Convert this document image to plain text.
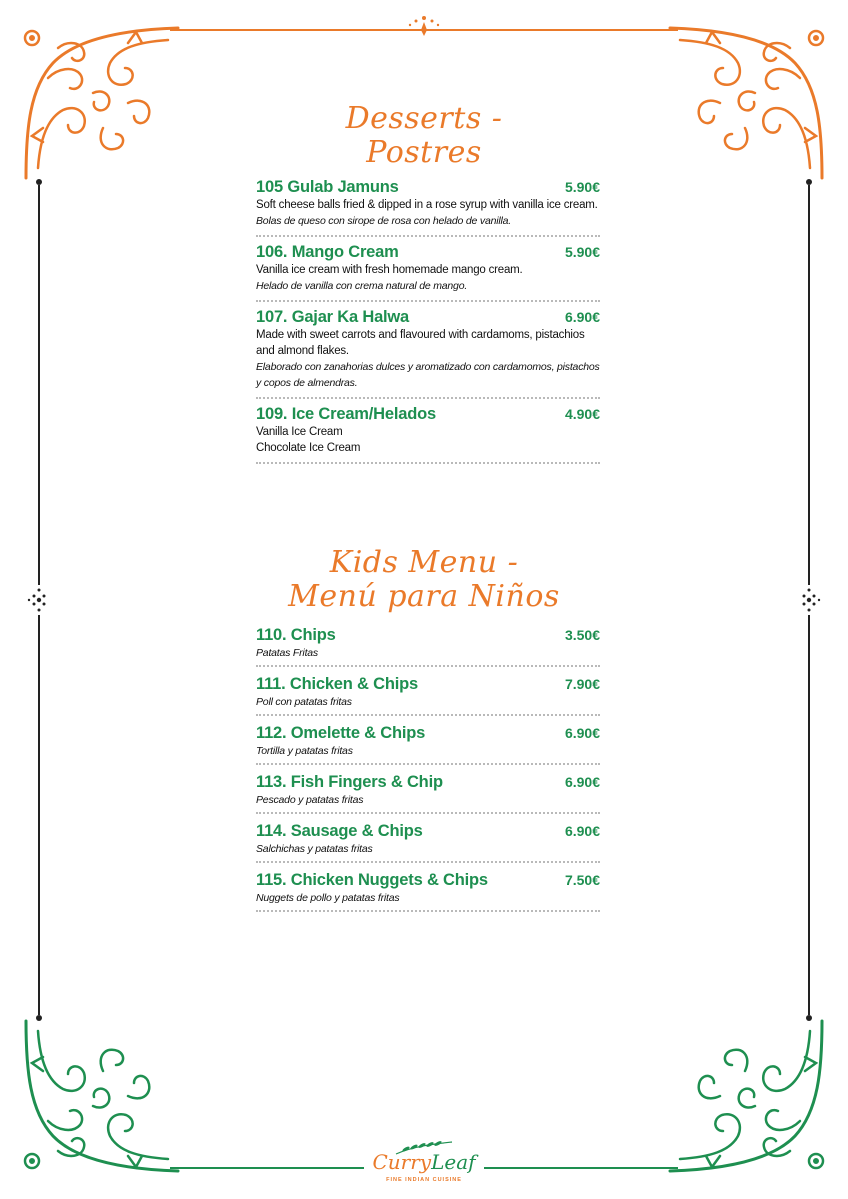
Desserts -
Postres
105 Gulab Jamuns	5.90€
Soft cheese balls fried & dipped in a rose syrup with vanilla ice cream.
Bolas de queso con sirope de rosa con helado de vanilla.
106. Mango Cream	5.90€
Vanilla ice cream with fresh homemade mango cream.
Helado de vanilla con crema natural de mango.
107. Gajar Ka Halwa	6.90€
Made with sweet carrots and flavoured with cardamoms, pistachios and almond flakes.
Elaborado con zanahorias dulces y aromatizado con cardamomos, pistachos y copos de almendras.
109. Ice Cream/Helados	4.90€
Vanilla Ice Cream
Chocolate Ice Cream
Kids Menu -
Menú para Niños
110. Chips	3.50€
Patatas Fritas
111. Chicken & Chips	7.90€
Poll con patatas fritas
112. Omelette & Chips	6.90€
Tortilla y patatas fritas
113. Fish Fingers & Chip	6.90€
Pescado y patatas fritas
114. Sausage & Chips	6.90€
Salchichas y patatas fritas
115. Chicken Nuggets & Chips	7.50€
Nuggets de pollo y patatas fritas
CurryLeaf
FINE INDIAN CUISINE
